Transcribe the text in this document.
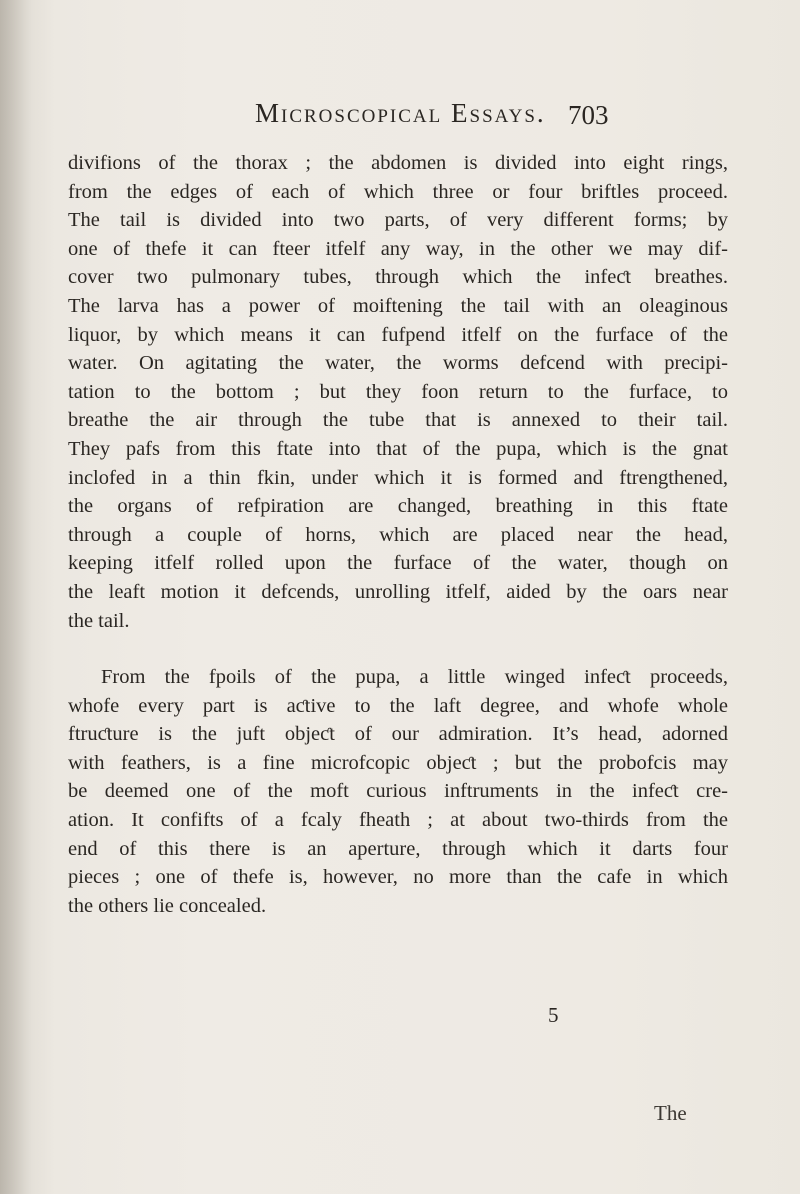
Microscopical Essays. 703
divifions of the thorax ; the abdomen is divided into eight rings,
from the edges of each of which three or four briftles proceed.
The tail is divided into two parts, of very different forms; by
one of thefe it can fteer itfelf any way, in the other we may dif-
cover two pulmonary tubes, through which the infeƈt breathes.
The larva has a power of moiftening the tail with an oleaginous
liquor, by which means it can fufpend itfelf on the furface of the
water. On agitating the water, the worms defcend with precipi-
tation to the bottom ; but they foon return to the furface, to
breathe the air through the tube that is annexed to their tail.
They pafs from this ftate into that of the pupa, which is the gnat
inclofed in a thin fkin, under which it is formed and ftrengthened,
the organs of refpiration are changed, breathing in this ftate
through a couple of horns, which are placed near the head,
keeping itfelf rolled upon the furface of the water, though on
the leaft motion it defcends, unrolling itfelf, aided by the oars near
the tail.
From the fpoils of the pupa, a little winged infeƈt proceeds,
whofe every part is aƈtive to the laft degree, and whofe whole
ftruƈture is the juft objeƈt of our admiration. It’s head, adorned
with feathers, is a fine microfcopic objeƈt ; but the probofcis may
be deemed one of the moft curious inftruments in the infeƈt cre-
ation. It confifts of a fcaly fheath ; at about two-thirds from the
end of this there is an aperture, through which it darts four
pieces ; one of thefe is, however, no more than the cafe in which
the others lie concealed.
5
The
